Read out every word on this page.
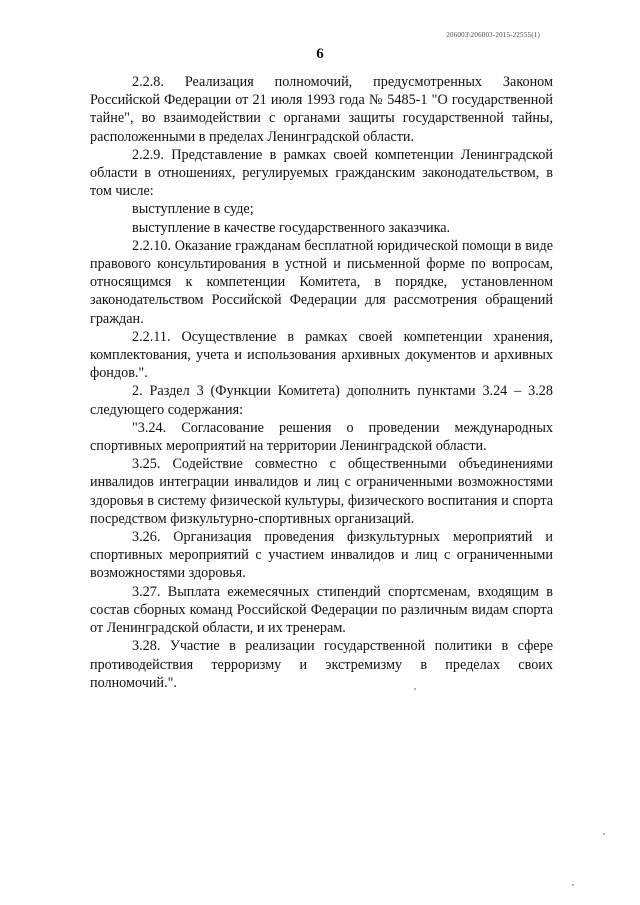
206003\206003-2015-22555(1)
6

2.2.8. Реализация полномочий, предусмотренных Законом Российской Федерации от 21 июля 1993 года № 5485-1 "О государственной тайне", во взаимодействии с органами защиты государственной тайны, расположенными в пределах Ленинградской области.

2.2.9. Представление в рамках своей компетенции Ленинградской области в отношениях, регулируемых гражданским законодательством, в том числе:

выступление в суде;

выступление в качестве государственного заказчика.

2.2.10. Оказание гражданам бесплатной юридической помощи в виде правового консультирования в устной и письменной форме по вопросам, относящимся к компетенции Комитета, в порядке, установленном законодательством Российской Федерации для рассмотрения обращений граждан.

2.2.11. Осуществление в рамках своей компетенции хранения, комплектования, учета и использования архивных документов и архивных фондов.".

2. Раздел 3 (Функции Комитета) дополнить пунктами 3.24 – 3.28 следующего содержания:

"3.24. Согласование решения о проведении международных спортивных мероприятий на территории Ленинградской области.

3.25. Содействие совместно с общественными объединениями инвалидов интеграции инвалидов и лиц с ограниченными возможностями здоровья в систему физической культуры, физического воспитания и спорта посредством физкультурно-спортивных организаций.

3.26. Организация проведения физкультурных мероприятий и спортивных мероприятий с участием инвалидов и лиц с ограниченными возможностями здоровья.

3.27. Выплата ежемесячных стипендий спортсменам, входящим в состав сборных команд Российской Федерации по различным видам спорта от Ленинградской области, и их тренерам.

3.28. Участие в реализации государственной политики в сфере противодействия терроризму и экстремизму в пределах своих полномочий.".
